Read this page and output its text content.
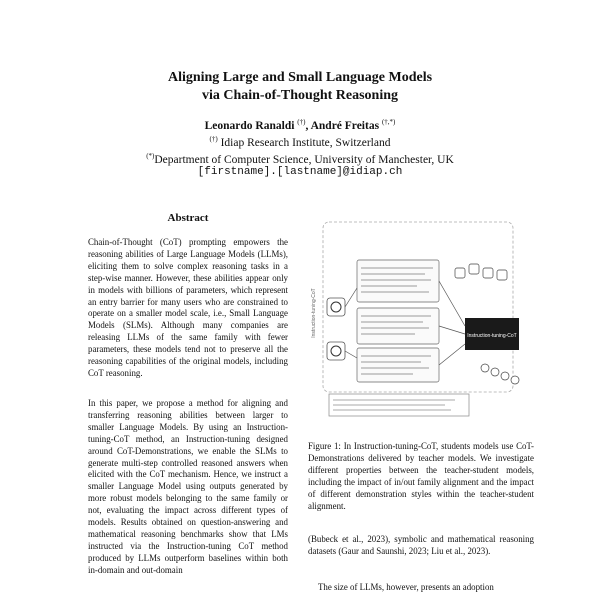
Aligning Large and Small Language Models
via Chain-of-Thought Reasoning
Leonardo Ranaldi (†), André Freitas (†,*)
(†) Idiap Research Institute, Switzerland
(*)Department of Computer Science, University of Manchester, UK
[firstname].[lastname]@idiap.ch
Abstract
Chain-of-Thought (CoT) prompting empowers the reasoning abilities of Large Language Models (LLMs), eliciting them to solve complex reasoning tasks in a step-wise manner. However, these abilities appear only in models with billions of parameters, which represent an entry barrier for many users who are constrained to operate on a smaller model scale, i.e., Small Language Models (SLMs). Although many companies are releasing LLMs of the same family with fewer parameters, these models tend not to preserve all the reasoning capabilities of the original models, including CoT reasoning.
In this paper, we propose a method for aligning and transferring reasoning abilities between larger to smaller Language Models. By using an Instruction-tuning-CoT method, an Instruction-tuning designed around CoT-Demonstrations, we enable the SLMs to generate multi-step controlled reasoned answers when elicited with the CoT mechanism. Hence, we instruct a smaller Language Model using outputs generated by more robust models belonging to the same family or not, evaluating the impact across different types of models. Results obtained on question-answering and mathematical reasoning benchmarks show that LMs instructed via the Instruction-tuning CoT method produced by LLMs outperform baselines within both in-domain and out-domain
Instruction-tuning-CoT	Instruction-tuning-CoT
Figure 1: In Instruction-tuning-CoT, students models use CoT-Demonstrations delivered by teacher models. We investigate different properties between the teacher-student models, including the impact of in/out family alignment and the impact of different demonstration styles within the teacher-student alignment.
(Bubeck et al., 2023), symbolic and mathematical reasoning datasets (Gaur and Saunshi, 2023; Liu et al., 2023).
The size of LLMs, however, presents an adoption
